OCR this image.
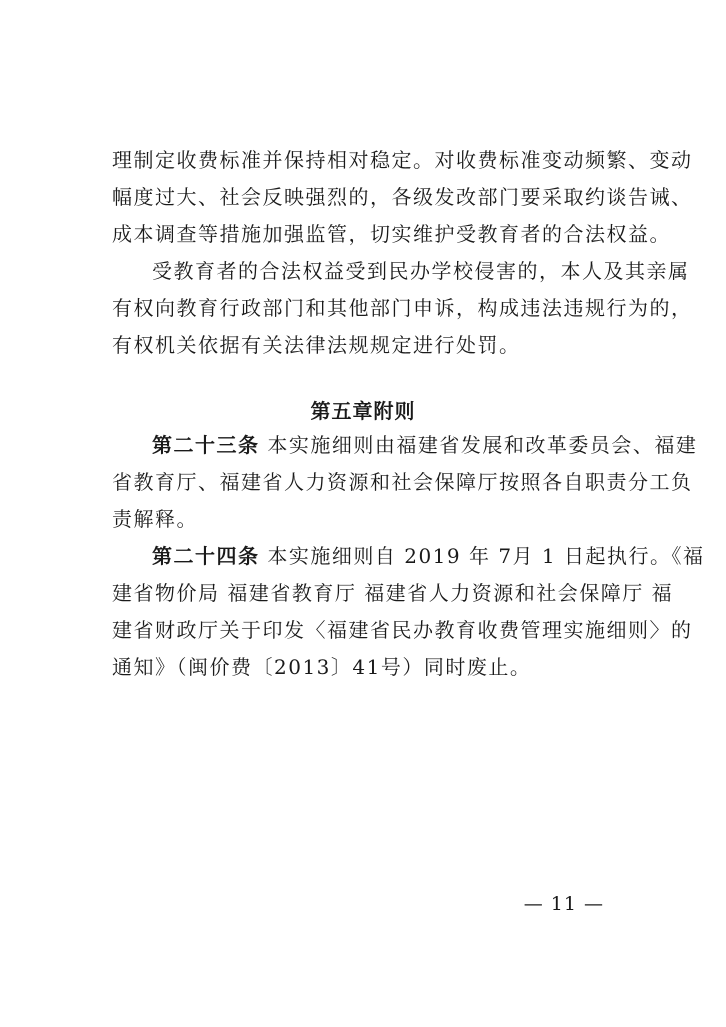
理制定收费标准并保持相对稳定。对收费标准变动频繁、变动
幅度过大、社会反映强烈的，各级发改部门要采取约谈告诫、
成本调查等措施加强监管，切实维护受教育者的合法权益。
受教育者的合法权益受到民办学校侵害的，本人及其亲属
有权向教育行政部门和其他部门申诉，构成违法违规行为的，
有权机关依据有关法律法规规定进行处罚。
第五章附则
第二十三条 本实施细则由福建省发展和改革委员会、福建
省教育厅、福建省人力资源和社会保障厅按照各自职责分工负
责解释。
第二十四条 本实施细则自 2019 年 7月 1 日起执行。《福
建省物价局 福建省教育厅 福建省人力资源和社会保障厅 福
建省财政厅关于印发〈福建省民办教育收费管理实施细则〉的
通知》（闽价费〔2013〕41号）同时废止。
— 11 —
